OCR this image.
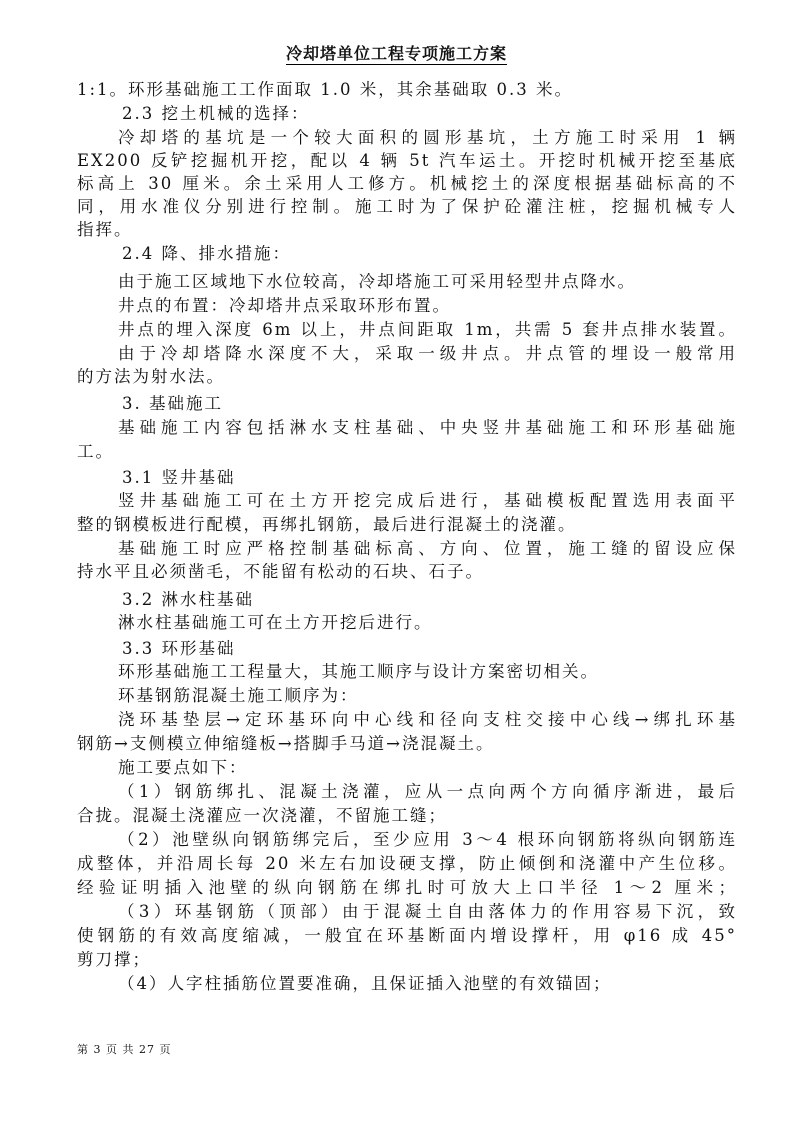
冷却塔单位工程专项施工方案
1:1。环形基础施工工作面取 1.0 米，其余基础取 0.3 米。
2.3 挖土机械的选择：
冷却塔的基坑是一个较大面积的圆形基坑，土方施工时采用 1 辆
EX200 反铲挖掘机开挖，配以 4 辆 5t 汽车运土。开挖时机械开挖至基底
标高上 30 厘米。余土采用人工修方。机械挖土的深度根据基础标高的不
同，用水准仪分别进行控制。施工时为了保护砼灌注桩，挖掘机械专人
指挥。
2.4 降、排水措施：
由于施工区域地下水位较高，冷却塔施工可采用轻型井点降水。
井点的布置：冷却塔井点采取环形布置。
井点的埋入深度 6m 以上，井点间距取 1m，共需 5 套井点排水装置。
由于冷却塔降水深度不大，采取一级井点。井点管的埋设一般常用
的方法为射水法。
3. 基础施工
基础施工内容包括淋水支柱基础、中央竖井基础施工和环形基础施
工。
3.1 竖井基础
竖井基础施工可在土方开挖完成后进行，基础模板配置选用表面平
整的钢模板进行配模，再绑扎钢筋，最后进行混凝土的浇灌。
基础施工时应严格控制基础标高、方向、位置，施工缝的留设应保
持水平且必须凿毛，不能留有松动的石块、石子。
3.2 淋水柱基础
淋水柱基础施工可在土方开挖后进行。
3.3 环形基础
环形基础施工工程量大，其施工顺序与设计方案密切相关。
环基钢筋混凝土施工顺序为：
浇环基垫层→定环基环向中心线和径向支柱交接中心线→绑扎环基
钢筋→支侧模立伸缩缝板→搭脚手马道→浇混凝土。
施工要点如下：
（1）钢筋绑扎、混凝土浇灌，应从一点向两个方向循序渐进，最后
合拢。混凝土浇灌应一次浇灌，不留施工缝；
（2）池壁纵向钢筋绑完后，至少应用 3～4 根环向钢筋将纵向钢筋连
成整体，并沿周长每 20 米左右加设硬支撑，防止倾倒和浇灌中产生位移。
经验证明插入池壁的纵向钢筋在绑扎时可放大上口半径 1～2 厘米；
（3）环基钢筋（顶部）由于混凝土自由落体力的作用容易下沉，致
使钢筋的有效高度缩减，一般宜在环基断面内增设撑杆，用 φ16 成 45°
剪刀撑；
（4）人字柱插筋位置要准确，且保证插入池壁的有效锚固；
第 3 页 共 27 页
